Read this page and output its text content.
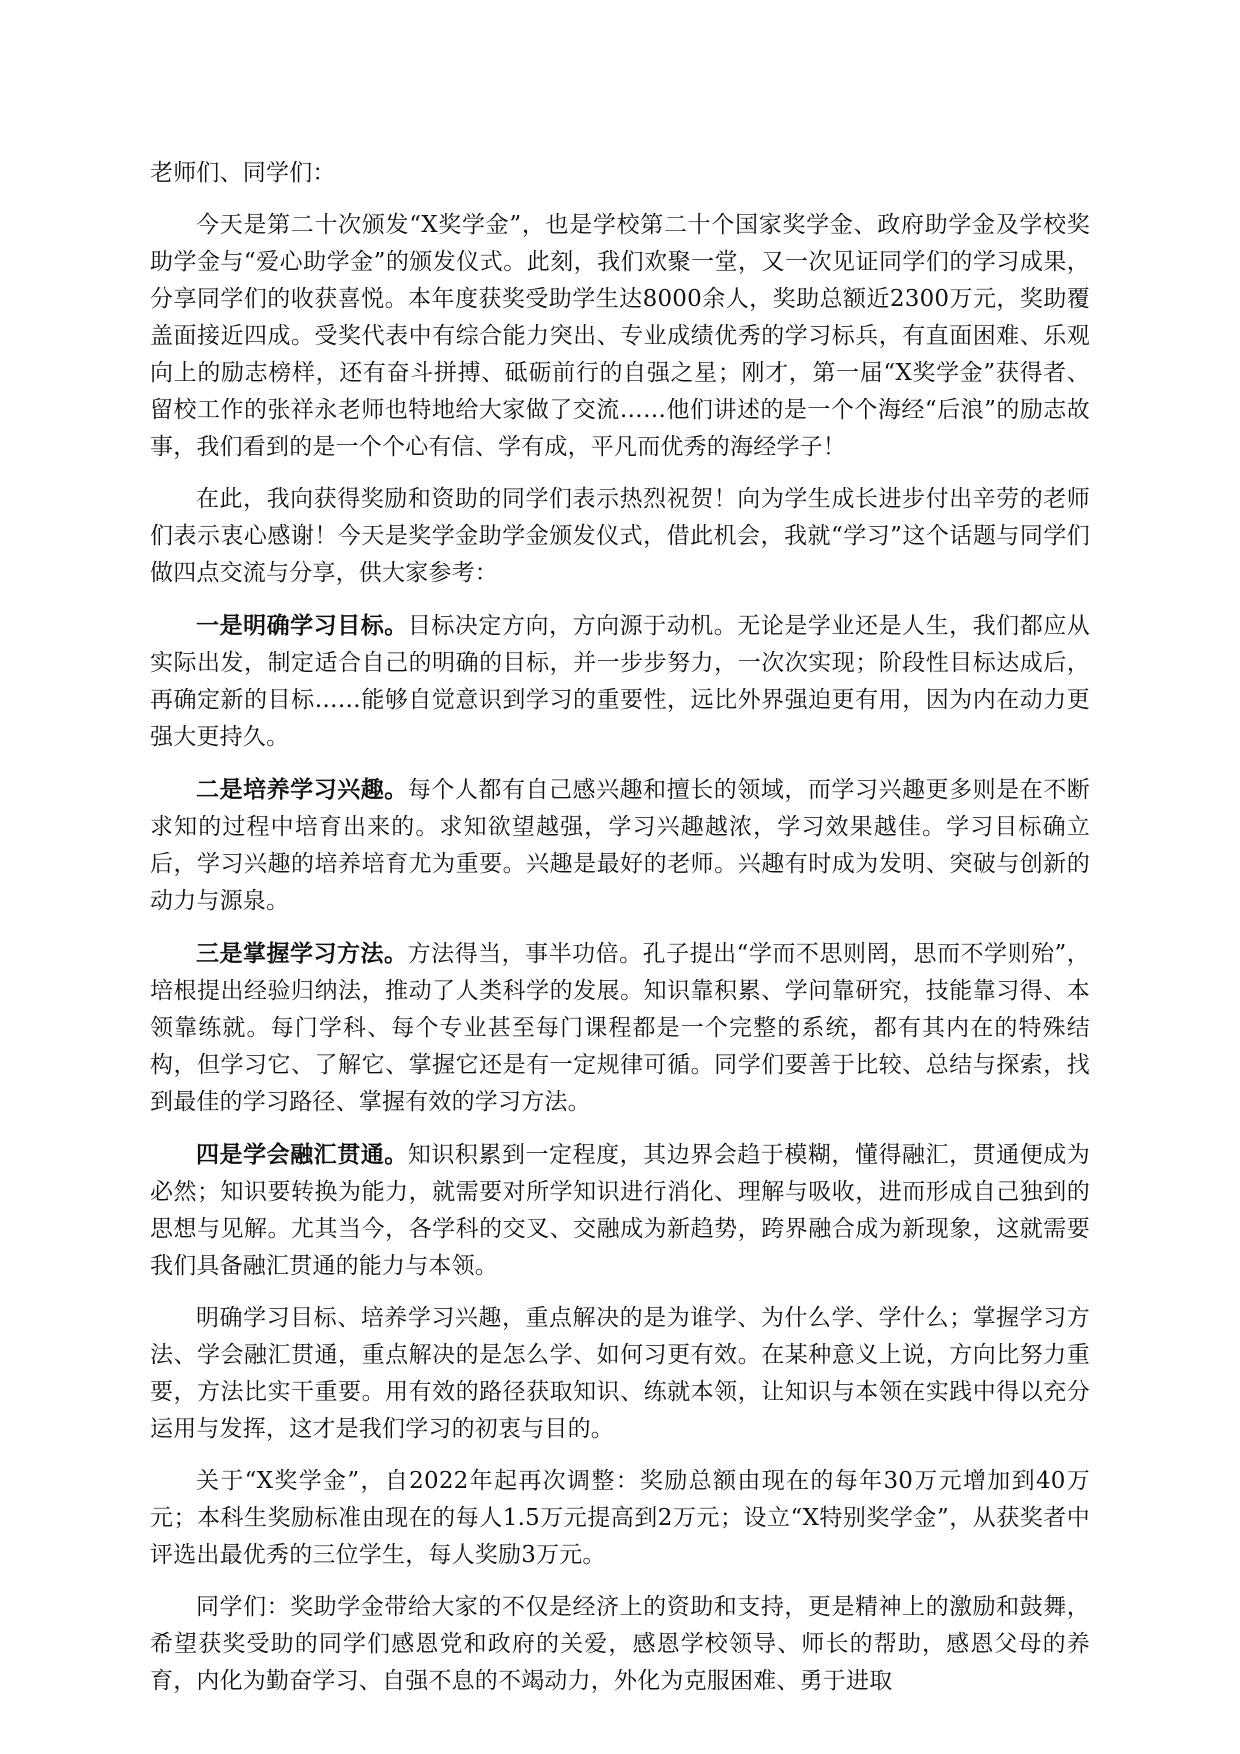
老师们、同学们：

今天是第二十次颁发“X奖学金”，也是学校第二十个国家奖学金、政府助学金及学校奖助学金与“爱心助学金”的颁发仪式。此刻，我们欢聚一堂，又一次见证同学们的学习成果，分享同学们的收获喜悦。本年度获奖受助学生达8000余人，奖助总额近2300万元，奖助覆盖面接近四成。受奖代表中有综合能力突出、专业成绩优秀的学习标兵，有直面困难、乐观向上的励志榜样，还有奋斗拼搏、砥砺前行的自强之星；刚才，第一届“X奖学金”获得者、留校工作的张祥永老师也特地给大家做了交流……他们讲述的是一个个海经“后浪”的励志故事，我们看到的是一个个心有信、学有成，平凡而优秀的海经学子！

在此，我向获得奖励和资助的同学们表示热烈祝贺！向为学生成长进步付出辛劳的老师们表示衷心感谢！今天是奖学金助学金颁发仪式，借此机会，我就“学习”这个话题与同学们做四点交流与分享，供大家参考：

一是明确学习目标。目标决定方向，方向源于动机。无论是学业还是人生，我们都应从实际出发，制定适合自己的明确的目标，并一步步努力，一次次实现；阶段性目标达成后，再确定新的目标……能够自觉意识到学习的重要性，远比外界强迫更有用，因为内在动力更强大更持久。

二是培养学习兴趣。每个人都有自己感兴趣和擅长的领域，而学习兴趣更多则是在不断求知的过程中培育出来的。求知欲望越强，学习兴趣越浓，学习效果越佳。学习目标确立后，学习兴趣的培养培育尤为重要。兴趣是最好的老师。兴趣有时成为发明、突破与创新的动力与源泉。

三是掌握学习方法。方法得当，事半功倍。孔子提出“学而不思则罔，思而不学则殆”，培根提出经验归纳法，推动了人类科学的发展。知识靠积累、学问靠研究，技能靠习得、本领靠练就。每门学科、每个专业甚至每门课程都是一个完整的系统，都有其内在的特殊结构，但学习它、了解它、掌握它还是有一定规律可循。同学们要善于比较、总结与探索，找到最佳的学习路径、掌握有效的学习方法。

四是学会融汇贯通。知识积累到一定程度，其边界会趋于模糊，懂得融汇，贯通便成为必然；知识要转换为能力，就需要对所学知识进行消化、理解与吸收，进而形成自己独到的思想与见解。尤其当今，各学科的交叉、交融成为新趋势，跨界融合成为新现象，这就需要我们具备融汇贯通的能力与本领。

明确学习目标、培养学习兴趣，重点解决的是为谁学、为什么学、学什么；掌握学习方法、学会融汇贯通，重点解决的是怎么学、如何习更有效。在某种意义上说，方向比努力重要，方法比实干重要。用有效的路径获取知识、练就本领，让知识与本领在实践中得以充分运用与发挥，这才是我们学习的初衷与目的。

关于“X奖学金”，自2022年起再次调整：奖励总额由现在的每年30万元增加到40万元；本科生奖励标准由现在的每人1.5万元提高到2万元；设立“X特别奖学金”，从获奖者中评选出最优秀的三位学生，每人奖励3万元。

同学们：奖助学金带给大家的不仅是经济上的资助和支持，更是精神上的激励和鼓舞，希望获奖受助的同学们感恩党和政府的关爱，感恩学校领导、师长的帮助，感恩父母的养育，内化为勤奋学习、自强不息的不竭动力，外化为克服困难、勇于进取
